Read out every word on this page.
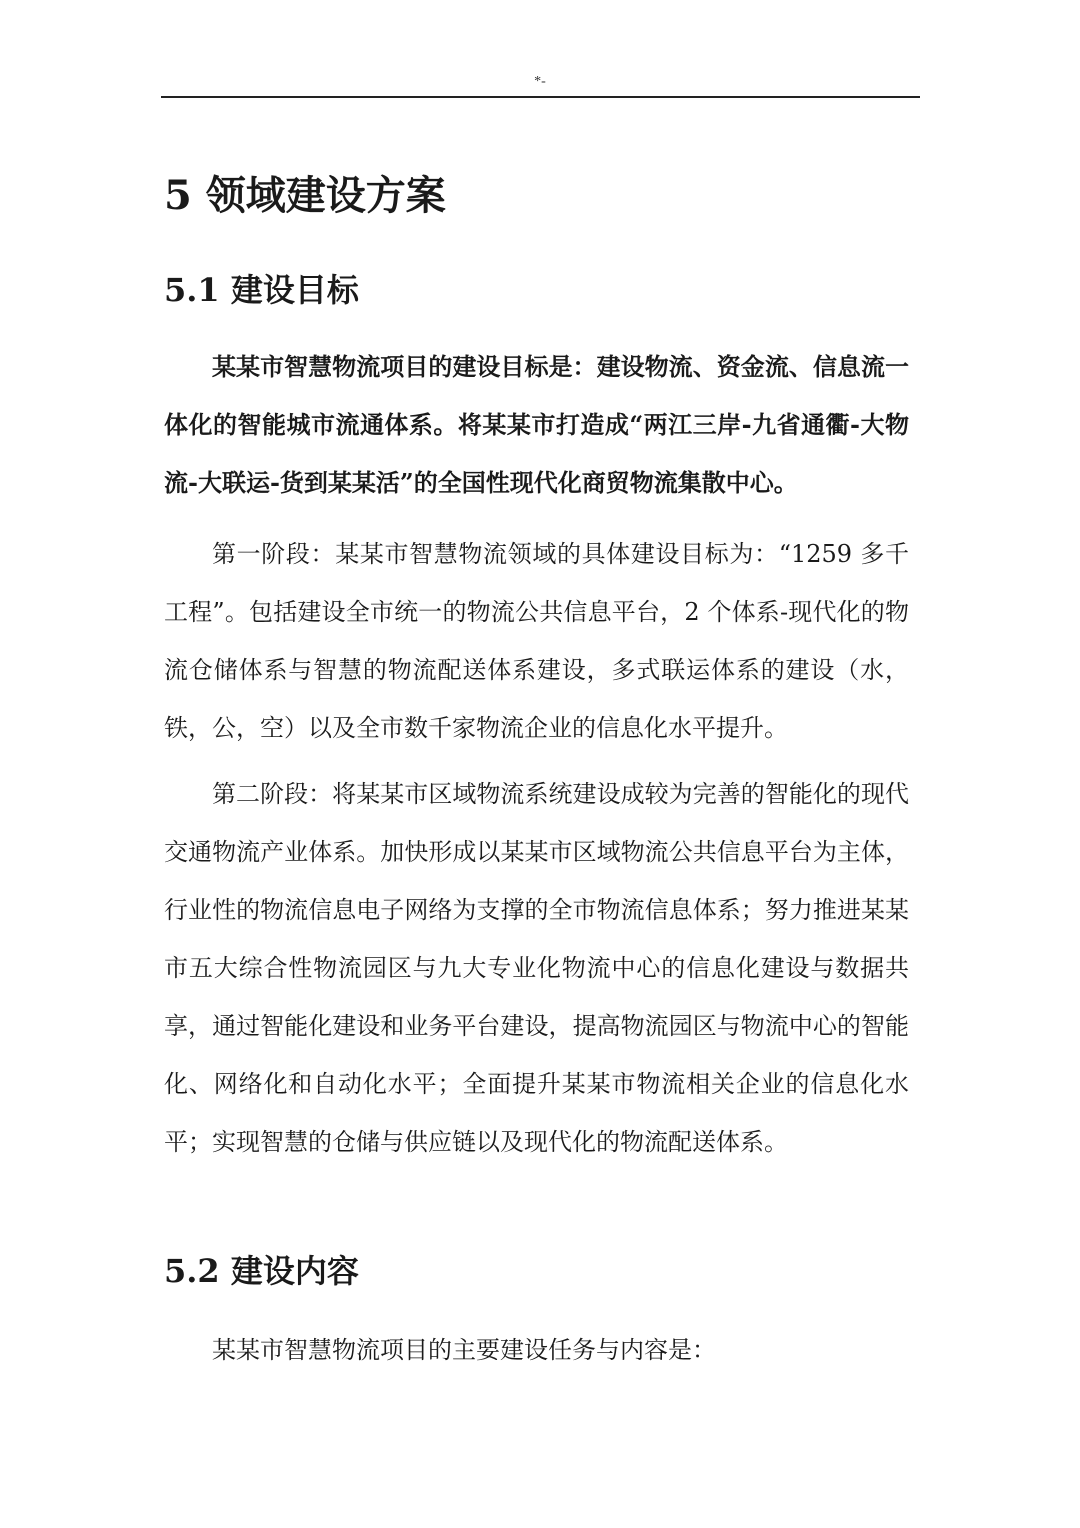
*-
5 领域建设方案
5.1 建设目标

某某市智慧物流项目的建设目标是：建设物流、资金流、信息流一体化的智能城市流通体系。将某某市打造成“两江三岸-九省通衢-大物流-大联运-货到某某活”的全国性现代化商贸物流集散中心。

第一阶段：某某市智慧物流领域的具体建设目标为：“1259 多千工程”。包括建设全市统一的物流公共信息平台，2 个体系-现代化的物流仓储体系与智慧的物流配送体系建设，多式联运体系的建设（水，铁，公，空）以及全市数千家物流企业的信息化水平提升。

第二阶段：将某某市区域物流系统建设成较为完善的智能化的现代交通物流产业体系。加快形成以某某市区域物流公共信息平台为主体，行业性的物流信息电子网络为支撑的全市物流信息体系；努力推进某某市五大综合性物流园区与九大专业化物流中心的信息化建设与数据共享，通过智能化建设和业务平台建设，提高物流园区与物流中心的智能化、网络化和自动化水平；全面提升某某市物流相关企业的信息化水平；实现智慧的仓储与供应链以及现代化的物流配送体系。

5.2 建设内容

某某市智慧物流项目的主要建设任务与内容是：
